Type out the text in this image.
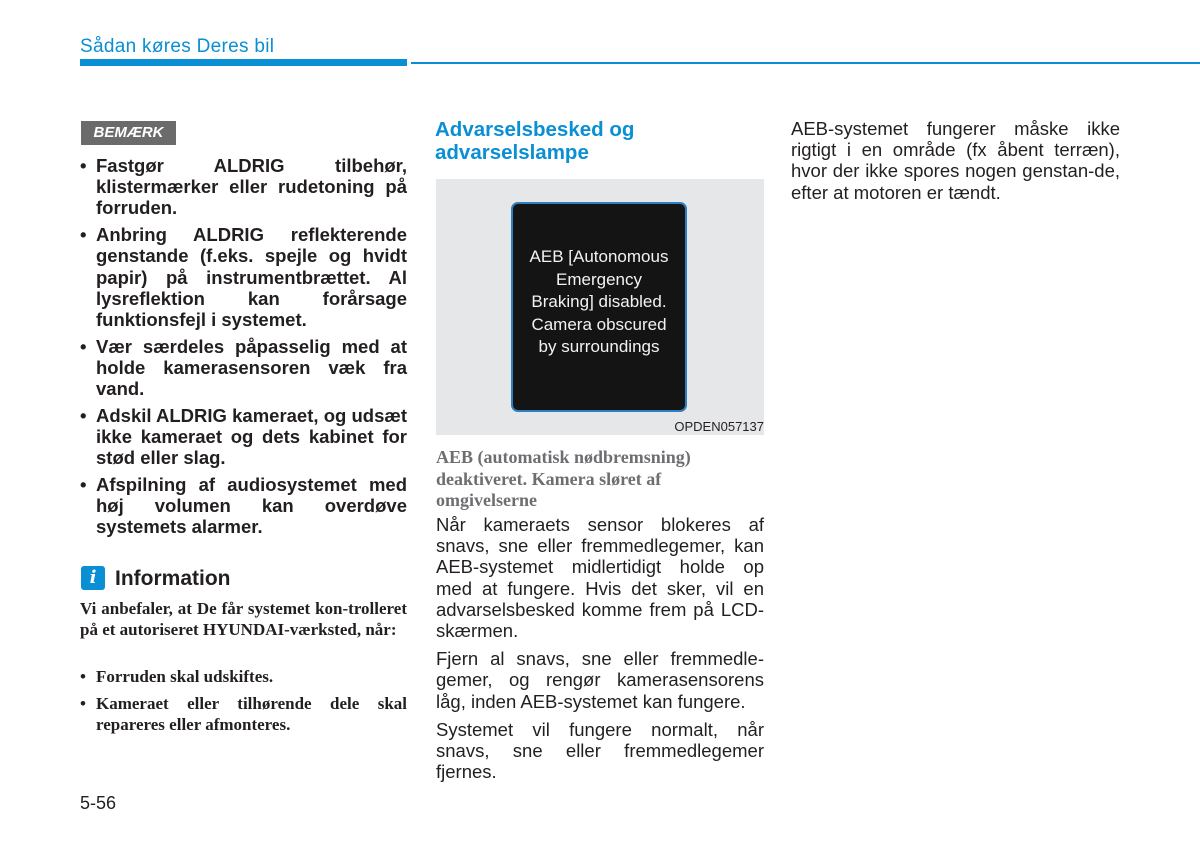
Sådan køres Deres bil
BEMÆRK
• Fastgør ALDRIG tilbehør, klistermærker eller rudetoning på forruden.
• Anbring ALDRIG reflekterende genstande (f.eks. spejle og hvidt papir) på instrumentbrættet. Al lysreflektion kan forårsage funktionsfejl i systemet.
• Vær særdeles påpasselig med at holde kamerasensoren væk fra vand.
• Adskil ALDRIG kameraet, og udsæt ikke kameraet og dets kabinet for stød eller slag.
• Afspilning af audiosystemet med høj volumen kan overdøve systemets alarmer.
i Information
Vi anbefaler, at De får systemet kon-trolleret på et autoriseret HYUNDAI-værksted, når:
• Forruden skal udskiftes.
• Kameraet eller tilhørende dele skal repareres eller afmonteres.
5-56
Advarselsbesked og advarselslampe
AEB [Autonomous
Emergency
Braking] disabled.
Camera obscured
by surroundings
OPDEN057137
AEB (automatisk nødbremsning) deaktiveret. Kamera sløret af omgivelserne

Når kameraets sensor blokeres af snavs, sne eller fremmedlegemer, kan AEB-systemet midlertidigt holde op med at fungere. Hvis det sker, vil en advarselsbesked komme frem på LCD-skærmen.

Fjern al snavs, sne eller fremmedle-gemer, og rengør kamerasensorens låg, inden AEB-systemet kan fungere.

Systemet vil fungere normalt, når snavs, sne eller fremmedlegemer fjernes.

AEB-systemet fungerer måske ikke rigtigt i en område (fx åbent terræn), hvor der ikke spores nogen genstan-de, efter at motoren er tændt.
